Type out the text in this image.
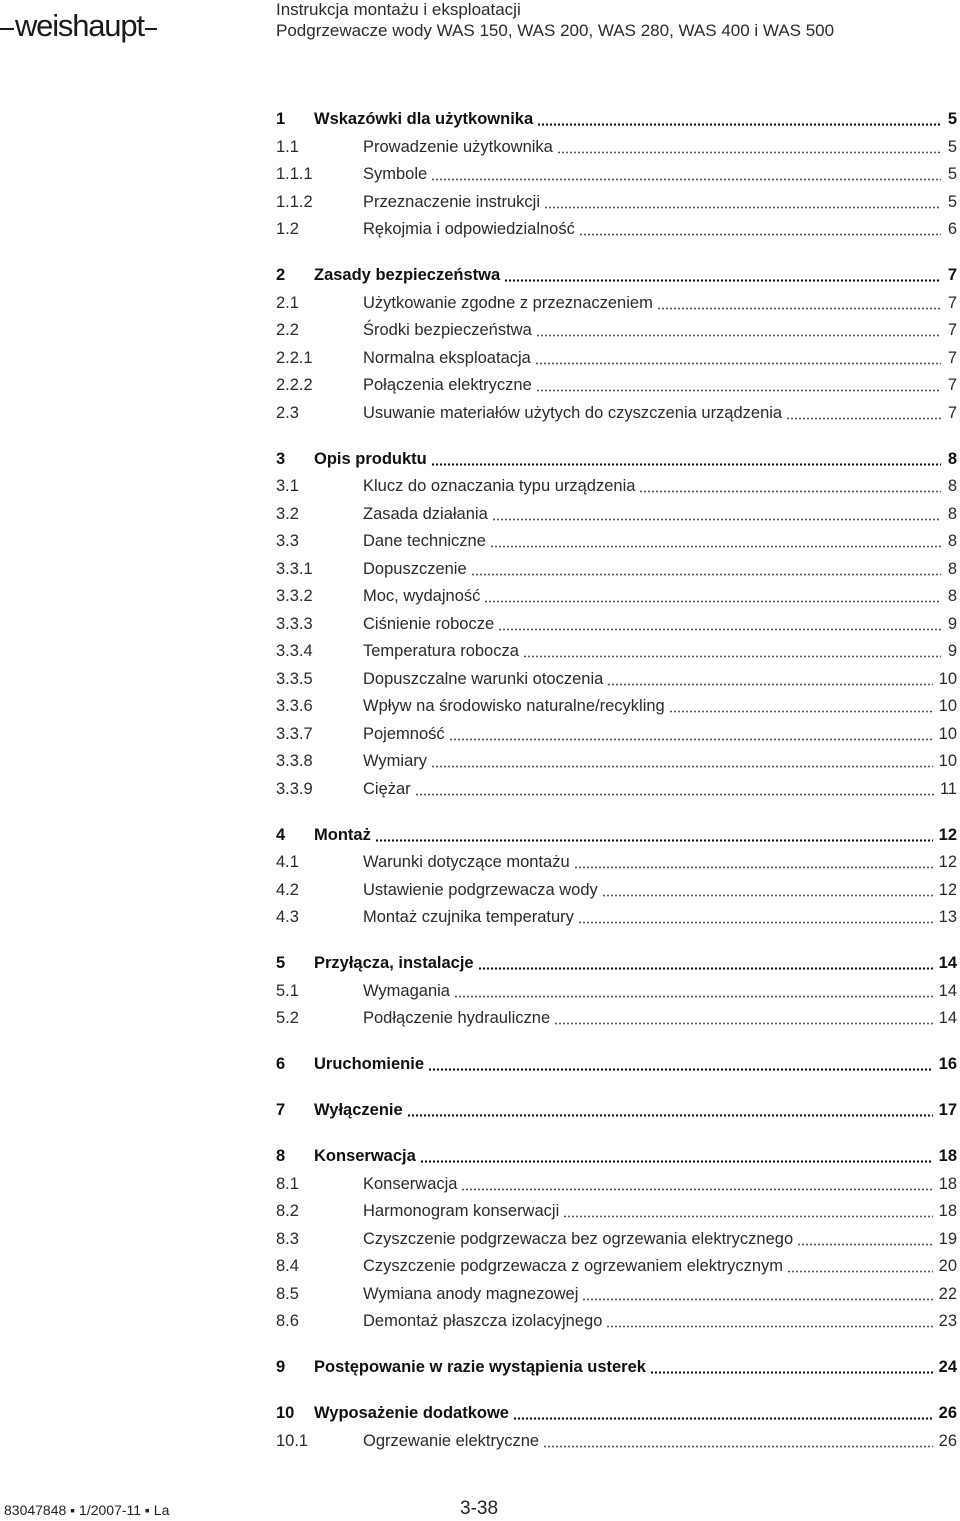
weishaupt	Instrukcja montażu i eksploatacji
Podgrzewacze wody WAS 150, WAS 200, WAS 280, WAS 400 i WAS 500
1	Wskazówki dla użytkownika	5
1.1	Prowadzenie użytkownika	5
1.1.1	Symbole	5
1.1.2	Przeznaczenie instrukcji	5
1.2	Rękojmia i odpowiedzialność	6
2	Zasady bezpieczeństwa	7
2.1	Użytkowanie zgodne z przeznaczeniem	7
2.2	Środki bezpieczeństwa	7
2.2.1	Normalna eksploatacja	7
2.2.2	Połączenia elektryczne	7
2.3	Usuwanie materiałów użytych do czyszczenia urządzenia	7
3	Opis produktu	8
3.1	Klucz do oznaczania typu urządzenia	8
3.2	Zasada działania	8
3.3	Dane techniczne	8
3.3.1	Dopuszczenie	8
3.3.2	Moc, wydajność	8
3.3.3	Ciśnienie robocze	9
3.3.4	Temperatura robocza	9
3.3.5	Dopuszczalne warunki otoczenia	10
3.3.6	Wpływ na środowisko naturalne/recykling	10
3.3.7	Pojemność	10
3.3.8	Wymiary	10
3.3.9	Ciężar	11
4	Montaż	12
4.1	Warunki dotyczące montażu	12
4.2	Ustawienie podgrzewacza wody	12
4.3	Montaż czujnika temperatury	13
5	Przyłącza, instalacje	14
5.1	Wymagania	14
5.2	Podłączenie hydrauliczne	14
6	Uruchomienie	16
7	Wyłączenie	17
8	Konserwacja	18
8.1	Konserwacja	18
8.2	Harmonogram konserwacji	18
8.3	Czyszczenie podgrzewacza bez ogrzewania elektrycznego	19
8.4	Czyszczenie podgrzewacza z ogrzewaniem elektrycznym	20
8.5	Wymiana anody magnezowej	22
8.6	Demontaż płaszcza izolacyjnego	23
9	Postępowanie w razie wystąpienia usterek	24
10	Wyposażenie dodatkowe	26
10.1	Ogrzewanie elektryczne	26
83047848 ▪ 1/2007-11 ▪ La	3-38
